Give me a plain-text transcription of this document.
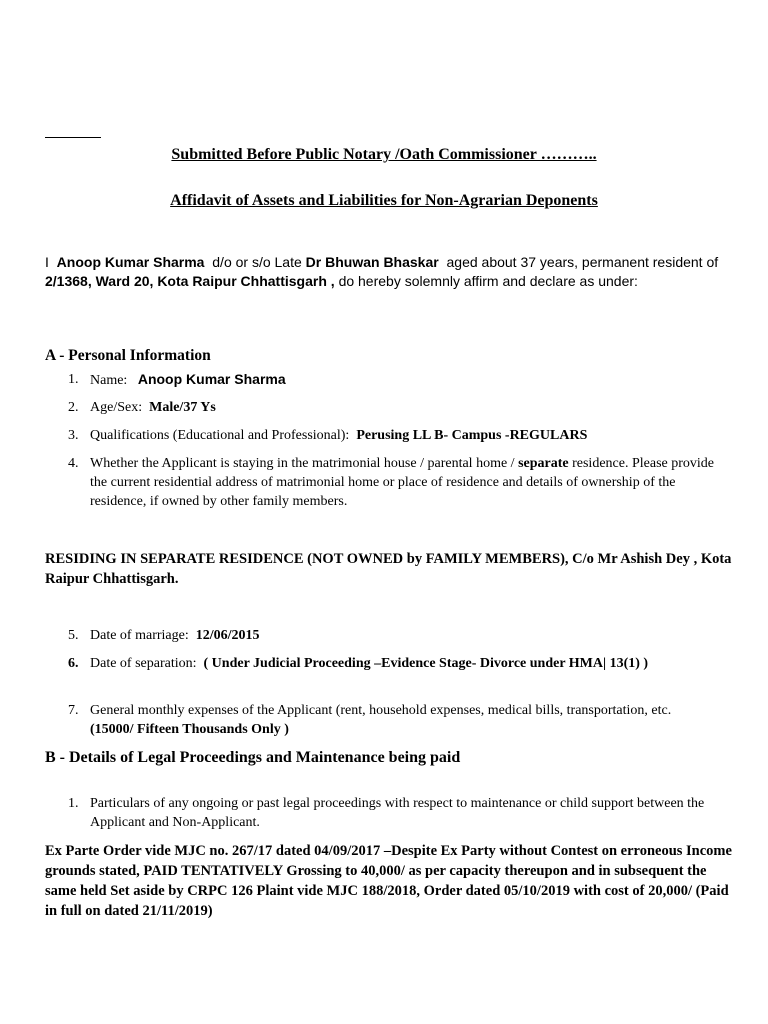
Submitted Before Public Notary /Oath Commissioner ………..
Affidavit of Assets and Liabilities for Non-Agrarian Deponents
I Anoop Kumar Sharma d/o or s/o Late Dr Bhuwan Bhaskar aged about 37 years, permanent resident of 2/1368, Ward 20, Kota Raipur Chhattisgarh , do hereby solemnly affirm and declare as under:
A - Personal Information
1. Name: Anoop Kumar Sharma
2. Age/Sex: Male/37 Ys
3. Qualifications (Educational and Professional): Perusing LL B- Campus -REGULARS
4. Whether the Applicant is staying in the matrimonial house / parental home / separate residence. Please provide the current residential address of matrimonial home or place of residence and details of ownership of the residence, if owned by other family members.
RESIDING IN SEPARATE RESIDENCE (NOT OWNED by FAMILY MEMBERS), C/o Mr Ashish Dey , Kota Raipur Chhattisgarh.
5. Date of marriage: 12/06/2015
6. Date of separation: ( Under Judicial Proceeding –Evidence Stage- Divorce under HMA| 13(1) )
7. General monthly expenses of the Applicant (rent, household expenses, medical bills, transportation, etc. (15000/ Fifteen Thousands Only )
B - Details of Legal Proceedings and Maintenance being paid
1. Particulars of any ongoing or past legal proceedings with respect to maintenance or child support between the Applicant and Non-Applicant.
Ex Parte Order vide MJC no. 267/17 dated 04/09/2017 –Despite Ex Party without Contest on erroneous Income grounds stated, PAID TENTATIVELY Grossing to 40,000/ as per capacity thereupon and in subsequent the same held Set aside by CRPC 126 Plaint vide MJC 188/2018, Order dated 05/10/2019 with cost of 20,000/ (Paid in full on dated 21/11/2019)
